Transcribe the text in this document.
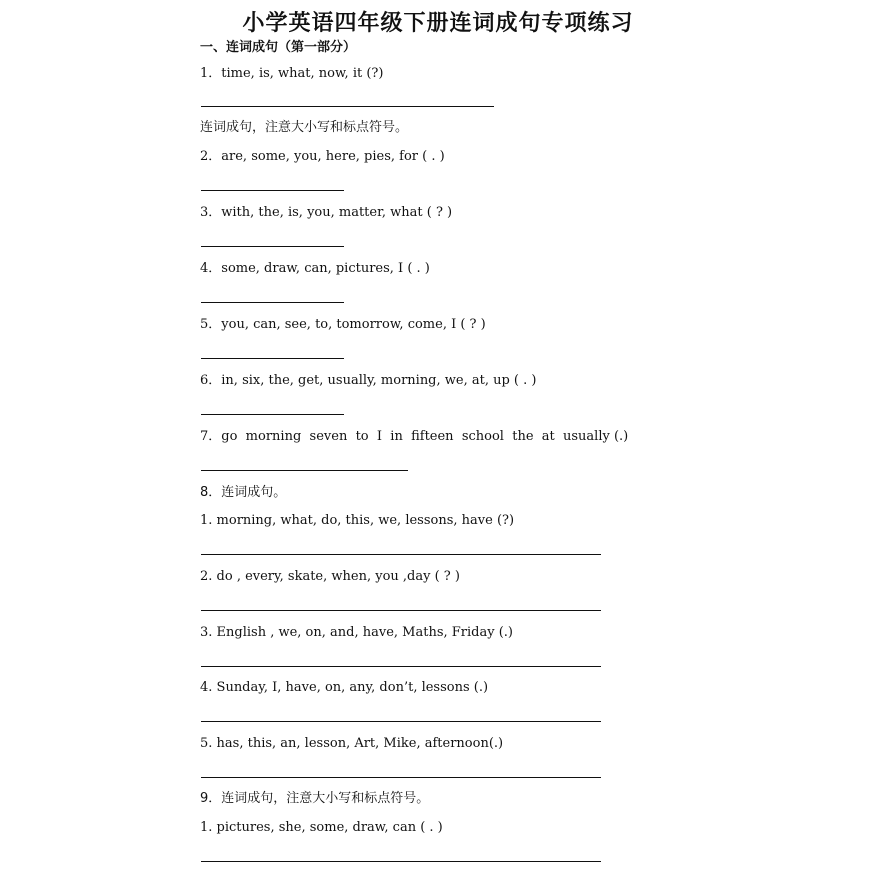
小学英语四年级下册连词成句专项练习
一、连词成句（第一部分）
1．time, is, what, now, it (?)
连词成句，注意大小写和标点符号。
2．are, some, you, here, pies, for ( . )
3．with, the, is, you, matter, what ( ? )
4．some, draw, can, pictures, I ( . )
5．you, can, see, to, tomorrow, come, I ( ? )
6．in, six, the, get, usually, morning, we, at, up ( . )
7．go  morning  seven  to  I  in  fifteen  school  the  at  usually (.)
8．连词成句。
1. morning, what, do, this, we, lessons, have (?)
2. do , every, skate, when, you ,day ( ? )
3. English , we, on, and, have, Maths, Friday (.)
4. Sunday, I, have, on, any, don’t, lessons (.)
5. has, this, an, lesson, Art, Mike, afternoon(.)
9．连词成句，注意大小写和标点符号。
1. pictures, she, some, draw, can ( . )
